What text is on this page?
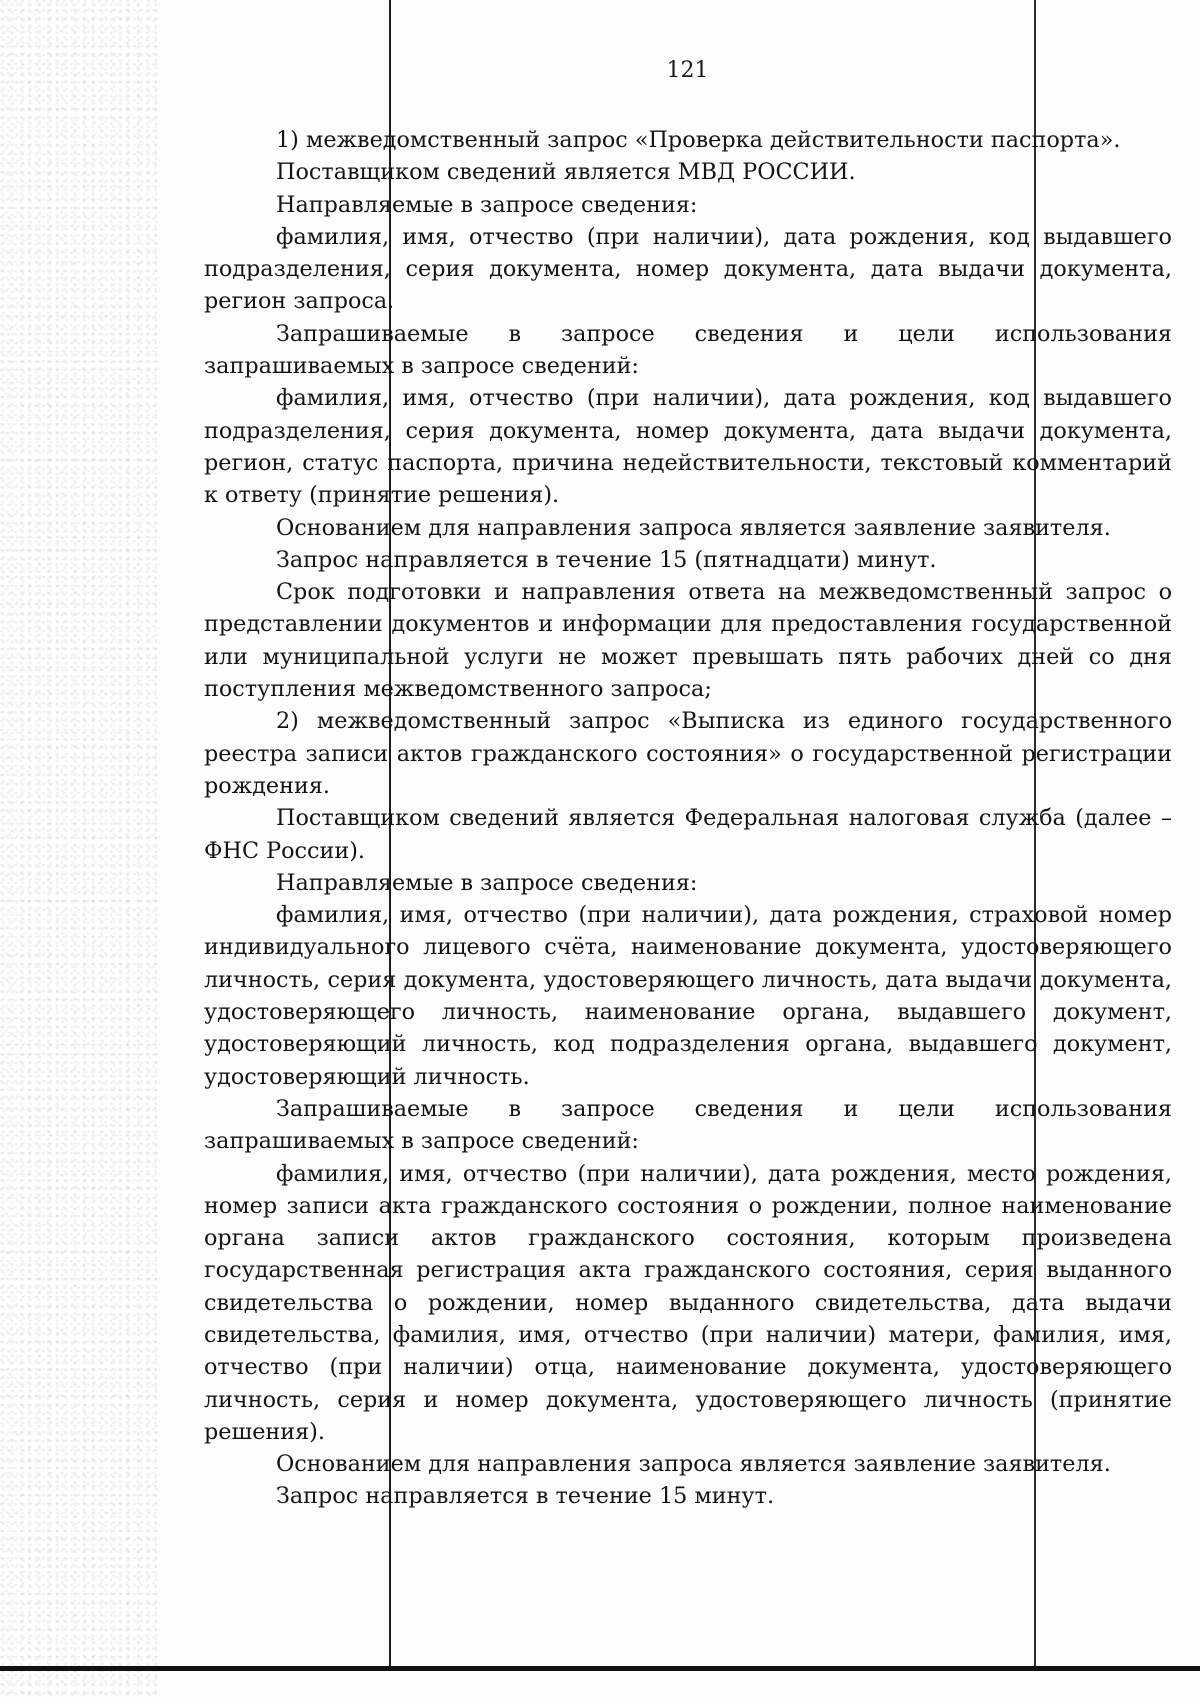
121

1) межведомственный запрос «Проверка действительности паспорта».

Поставщиком сведений является МВД РОССИИ.

Направляемые в запросе сведения:

фамилия, имя, отчество (при наличии), дата рождения, код выдавшего подразделения, серия документа, номер документа, дата выдачи документа, регион запроса.

Запрашиваемые в запросе сведения и цели использования запрашиваемых в запросе сведений:

фамилия, имя, отчество (при наличии), дата рождения, код выдавшего подразделения, серия документа, номер документа, дата выдачи документа, регион, статус паспорта, причина недействительности, текстовый комментарий к ответу (принятие решения).

Основанием для направления запроса является заявление заявителя.

Запрос направляется в течение 15 (пятнадцати) минут.

Срок подготовки и направления ответа на межведомственный запрос о представлении документов и информации для предоставления государственной или муниципальной услуги не может превышать пять рабочих дней со дня поступления межведомственного запроса;

2) межведомственный запрос «Выписка из единого государственного реестра записи актов гражданского состояния» о государственной регистрации рождения.

Поставщиком сведений является Федеральная налоговая служба (далее – ФНС России).

Направляемые в запросе сведения:

фамилия, имя, отчество (при наличии), дата рождения, страховой номер индивидуального лицевого счёта, наименование документа, удостоверяющего личность, серия документа, удостоверяющего личность, дата выдачи документа, удостоверяющего личность, наименование органа, выдавшего документ, удостоверяющий личность, код подразделения органа, выдавшего документ, удостоверяющий личность.

Запрашиваемые в запросе сведения и цели использования запрашиваемых в запросе сведений:

фамилия, имя, отчество (при наличии), дата рождения, место рождения, номер записи акта гражданского состояния о рождении, полное наименование органа записи актов гражданского состояния, которым произведена государственная регистрация акта гражданского состояния, серия выданного свидетельства о рождении, номер выданного свидетельства, дата выдачи свидетельства, фамилия, имя, отчество (при наличии) матери, фамилия, имя, отчество (при наличии) отца, наименование документа, удостоверяющего личность, серия и номер документа, удостоверяющего личность (принятие решения).

Основанием для направления запроса является заявление заявителя.

Запрос направляется в течение 15 минут.
